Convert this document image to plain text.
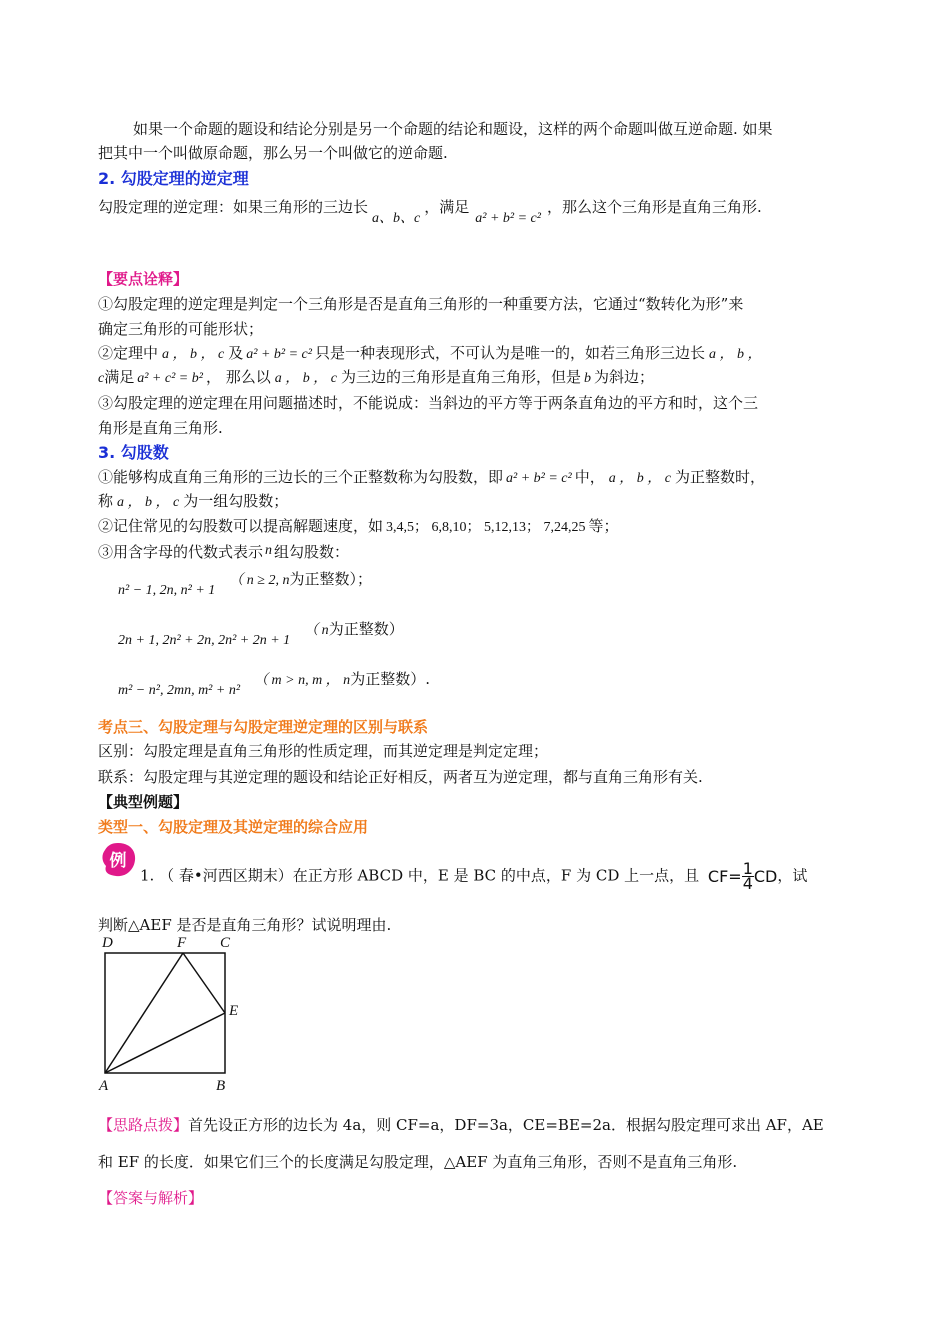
如果一个命题的题设和结论分别是另一个命题的结论和题设，这样的两个命题叫做互逆命题. 如果
把其中一个叫做原命题，那么另一个叫做它的逆命题.
2. 勾股定理的逆定理
勾股定理的逆定理：如果三角形的三边长a、b、c，满足a² + b² = c²，那么这个三角形是直角三角形.
【要点诠释】
①勾股定理的逆定理是判定一个三角形是否是直角三角形的一种重要方法，它通过“数转化为形”来
确定三角形的可能形状；
②定理中 a ， b ， c 及 a² + b² = c² 只是一种表现形式，不可认为是唯一的，如若三角形三边长 a ， b ，
c满足 a² + c² = b² ， 那么以 a ， b ， c 为三边的三角形是直角三角形，但是 b 为斜边；
③勾股定理的逆定理在用问题描述时，不能说成：当斜边的平方等于两条直角边的平方和时，这个三
角形是直角三角形.
3. 勾股数
①能够构成直角三角形的三边长的三个正整数称为勾股数，即 a² + b² = c² 中， a ， b ， c 为正整数时，
称 a ， b ， c 为一组勾股数；
②记住常见的勾股数可以提高解题速度，如 3,4,5； 6,8,10； 5,12,13； 7,24,25 等；
③用含字母的代数式表示 n 组勾股数：
n² − 1, 2n, n² + 1（ n ≥ 2, n为正整数）；
2n + 1, 2n² + 2n, 2n² + 2n + 1（ n为正整数）
m² − n², 2mn, m² + n²（ m > n, m ， n为正整数）.
考点三、勾股定理与勾股定理逆定理的区别与联系
区别：勾股定理是直角三角形的性质定理，而其逆定理是判定定理；
联系：勾股定理与其逆定理的题设和结论正好相反，两者互为逆定理，都与直角三角形有关.
【典型例题】
类型一、勾股定理及其逆定理的综合应用
例
1. （ 春•河西区期末）在正方形 ABCD 中，E 是 BC 的中点，F 为 CD 上一点，且 $CF= \frac{1}{4}$ CD，试
判断△AEF 是否是直角三角形？试说明理由.
D	F C
E
A	B
【思路点拨】首先设正方形的边长为 4a，则 CF=a，DF=3a，CE=BE=2a．根据勾股定理可求出 AF，AE
和 EF 的长度．如果它们三个的长度满足勾股定理，△AEF 为直角三角形，否则不是直角三角形.
【答案与解析】
